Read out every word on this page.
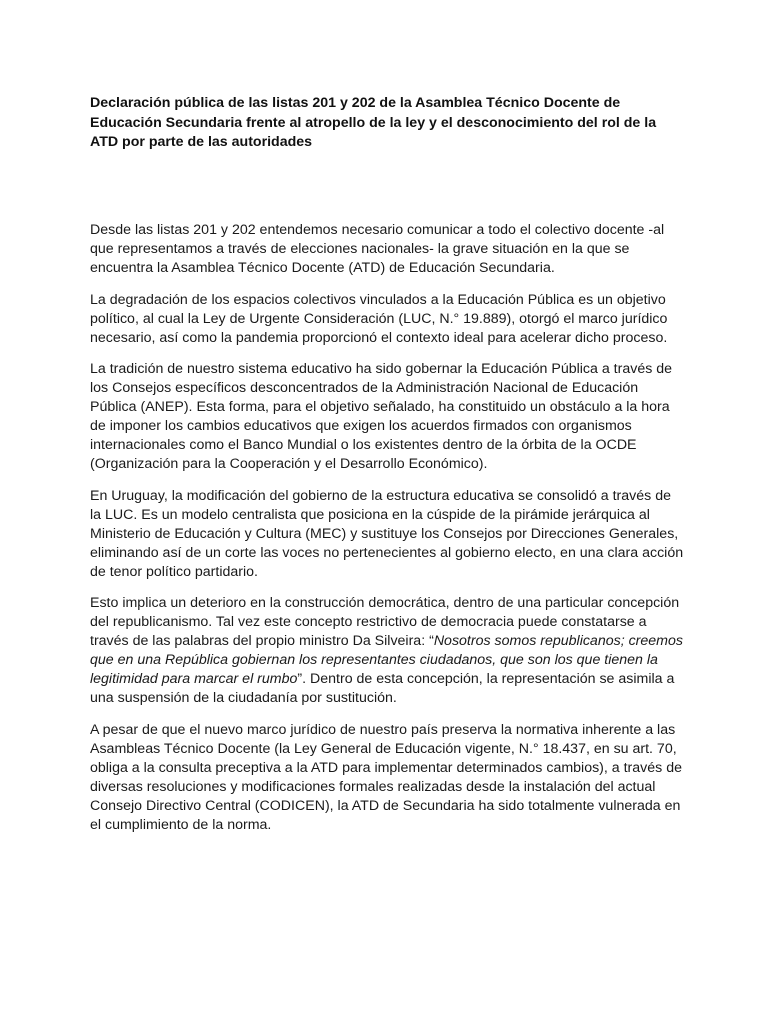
Declaración pública de las listas 201 y 202 de la Asamblea Técnico Docente de Educación Secundaria frente al atropello de la ley y el desconocimiento del rol de la ATD por parte de las autoridades

Desde las listas 201 y 202 entendemos necesario comunicar a todo el colectivo docente -al que representamos a través de elecciones nacionales- la grave situación en la que se encuentra la Asamblea Técnico Docente (ATD) de Educación Secundaria.

La degradación de los espacios colectivos vinculados a la Educación Pública es un objetivo político, al cual la Ley de Urgente Consideración (LUC, N.° 19.889), otorgó el marco jurídico necesario, así como la pandemia proporcionó el contexto ideal para acelerar dicho proceso.

La tradición de nuestro sistema educativo ha sido gobernar la Educación Pública a través de los Consejos específicos desconcentrados de la Administración Nacional de Educación Pública (ANEP). Esta forma, para el objetivo señalado, ha constituido un obstáculo a la hora de imponer los cambios educativos que exigen los acuerdos firmados con organismos internacionales como el Banco Mundial o los existentes dentro de la órbita de la OCDE (Organización para la Cooperación y el Desarrollo Económico).

En Uruguay, la modificación del gobierno de la estructura educativa se consolidó a través de la LUC. Es un modelo centralista que posiciona en la cúspide de la pirámide jerárquica al Ministerio de Educación y Cultura (MEC) y sustituye los Consejos por Direcciones Generales, eliminando así de un corte las voces no pertenecientes al gobierno electo, en una clara acción de tenor político partidario.

Esto implica un deterioro en la construcción democrática, dentro de una particular concepción del republicanismo. Tal vez este concepto restrictivo de democracia puede constatarse a través de las palabras del propio ministro Da Silveira: “Nosotros somos republicanos; creemos que en una República gobiernan los representantes ciudadanos, que son los que tienen la legitimidad para marcar el rumbo”. Dentro de esta concepción, la representación se asimila a una suspensión de la ciudadanía por sustitución.

A pesar de que el nuevo marco jurídico de nuestro país preserva la normativa inherente a las Asambleas Técnico Docente (la Ley General de Educación vigente, N.° 18.437, en su art. 70, obliga a la consulta preceptiva a la ATD para implementar determinados cambios), a través de diversas resoluciones y modificaciones formales realizadas desde la instalación del actual Consejo Directivo Central (CODICEN), la ATD de Secundaria ha sido totalmente vulnerada en el cumplimiento de la norma.
